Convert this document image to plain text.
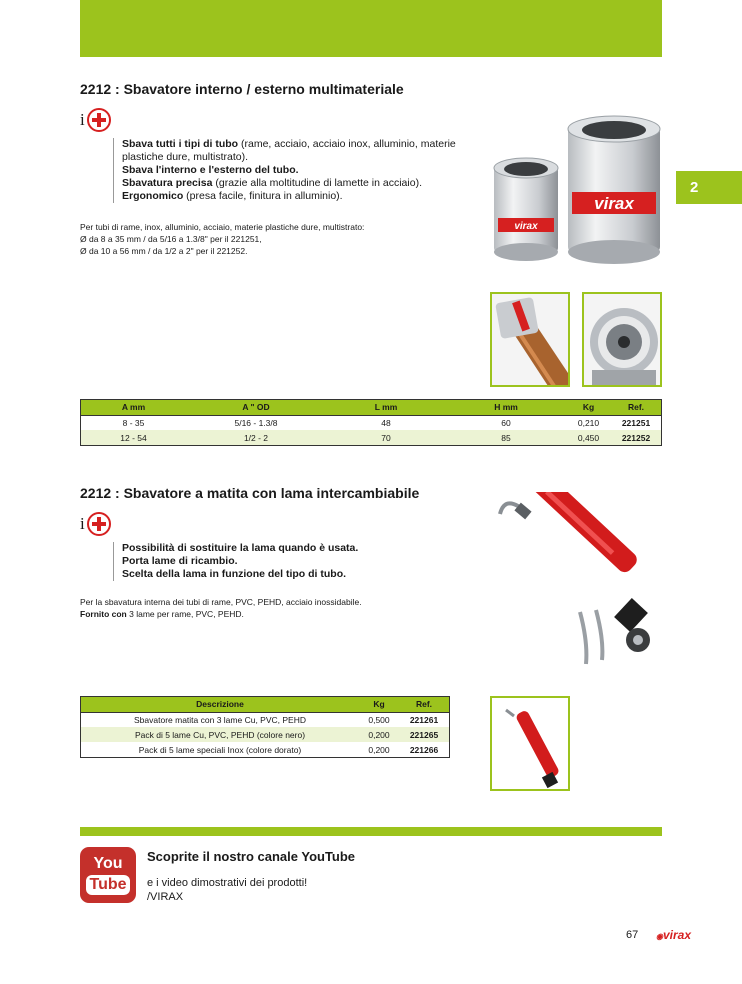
2
2212 : Sbavatore interno / esterno multimateriale
i
Sbava tutti i tipi di tubo (rame, acciaio, acciaio inox, alluminio, materie plastiche dure, multistrato).
Sbava l'interno e l'esterno del tubo.
Sbavatura precisa (grazie alla moltitudine di lamette in acciaio).
Ergonomico (presa facile, finitura in alluminio).
Per tubi di rame, inox, alluminio, acciaio, materie plastiche dure, multistrato:
Ø da 8 a 35 mm / da 5/16 a 1.3/8" per il 221251,
Ø da 10 a 56 mm / da 1/2 a 2" per il 221252.
virax
virax
A mm	A " OD	L mm	H mm	Kg	Ref.
8 - 35	5/16 - 1.3/8	48	60	0,210	221251
12 - 54	1/2 - 2	70	85	0,450	221252
2212 : Sbavatore a matita con lama intercambiabile
i
Possibilità di sostituire la lama quando è usata.
Porta lame di ricambio.
Scelta della lama in funzione del tipo di tubo.
Per la sbavatura interna dei tubi di rame, PVC, PEHD, acciaio inossidabile.
Fornito con 3 lame per rame, PVC, PEHD.
Descrizione	Kg	Ref.
Sbavatore matita con 3 lame Cu, PVC, PEHD	0,500	221261
Pack di 5 lame Cu, PVC, PEHD (colore nero)	0,200	221265
Pack di 5 lame speciali Inox (colore dorato)	0,200	221266
You
Tube
Scoprite il nostro canale YouTube
e i video dimostrativi dei prodotti!
/VIRAX
67 ◉virax
